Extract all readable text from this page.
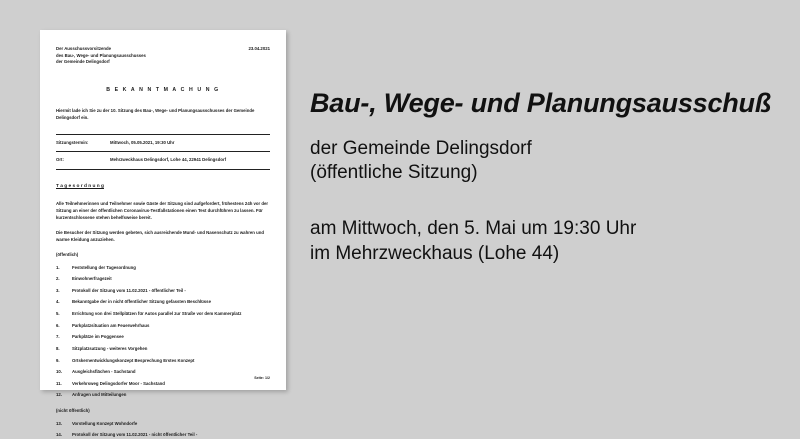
Der Ausschussvorsitzende
des Bau-, Wege- und Planungsausschusses
der Gemeinde Delingsdorf
23.04.2021
B E K A N N T M A C H U N G
Hiermit lade ich Sie zu der 10. Sitzung des Bau-, Wege- und Planungsausschusses der Gemeinde Delingsdorf ein.
Sitzungstermin:	Mittwoch, 05.05.2021, 19:30 Uhr
Ort:	Mehrzweckhaus Delingsdorf, Lohe 44, 22941 Delingsdorf
T a g e s o r d n u n g
Alle Teilnehmerinnen und Teilnehmer sowie Gäste der Sitzung sind aufgefordert, frühestens 24h vor der Sitzung an einer der öffentlichen Coronavirus-Testfallstationen einen Test durchführen zu lassen. Für kurzentschlossene stehen behelfsweise bereit.
Die Besucher der Sitzung werden gebeten, sich ausreichende Mund- und Nasenschutz zu wahren und warme Kleidung anzuziehen.
(öffentlich)
1.	Feststellung der Tagesordnung
2.	Einwohnerfragezeit
3.	Protokoll der Sitzung vom 11.02.2021 - öffentlicher Teil -
4.	Bekanntgabe der in nicht öffentlicher Sitzung gefassten Beschlüsse
5.	Errichtung von drei Stellplätzen für Autos parallel zur Straße vor dem Kammerplatz
6.	Parkplatzsituation am Feuerwehrhaus
7.	Parkplätze im Poggensee
8.	Sitzplatzsatzung - weiteres Vorgehen
9.	Ortskernentwicklungskonzept Besprechung Erstes Konzept
10.	Ausgleichsflächen - Sachstand
11.	Verkehrsweg Delingsdorfer Moor - Sachstand
12.	Anfragen und Mitteilungen
(nicht öffentlich)
13.	Vorstellung Konzept Wohndorfe
14.	Protokoll der Sitzung vom 11.02.2021 - nicht öffentlicher Teil -
Seite: 1/2
Bau-, Wege- und Planungsausschuß
der Gemeinde Delingsdorf
(öffentliche Sitzung)
am Mittwoch, den 5. Mai um 19:30 Uhr
im Mehrzweckhaus (Lohe 44)
